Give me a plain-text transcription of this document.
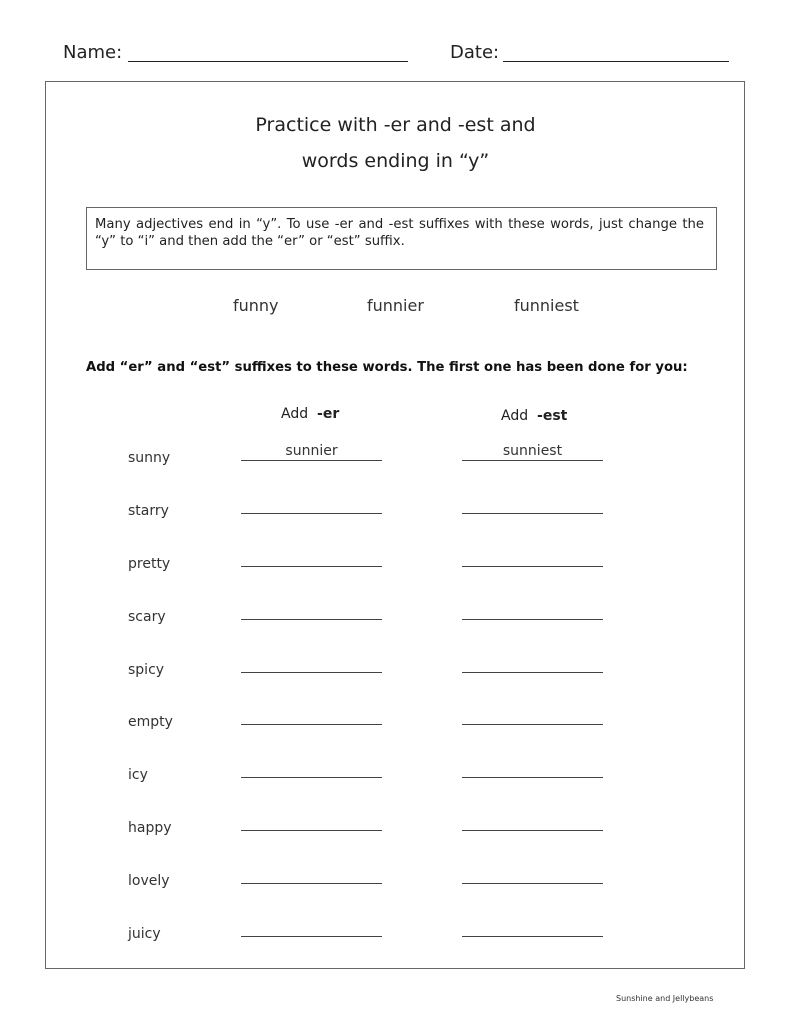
Name:	Date:
Practice with -er and -est and
words ending in “y”
Many adjectives end in “y”. To use -er and -est suffixes with these words, just change the “y” to “i” and then add the “er” or “est” suffix.
funny	funnier	funniest
Add “er” and “est” suffixes to these words. The first one has been done for you:
Add -er	Add -est
sunny	sunnier	sunniest
starry
pretty
scary
spicy
empty
icy
happy
lovely
juicy
Sunshine and Jellybeans
